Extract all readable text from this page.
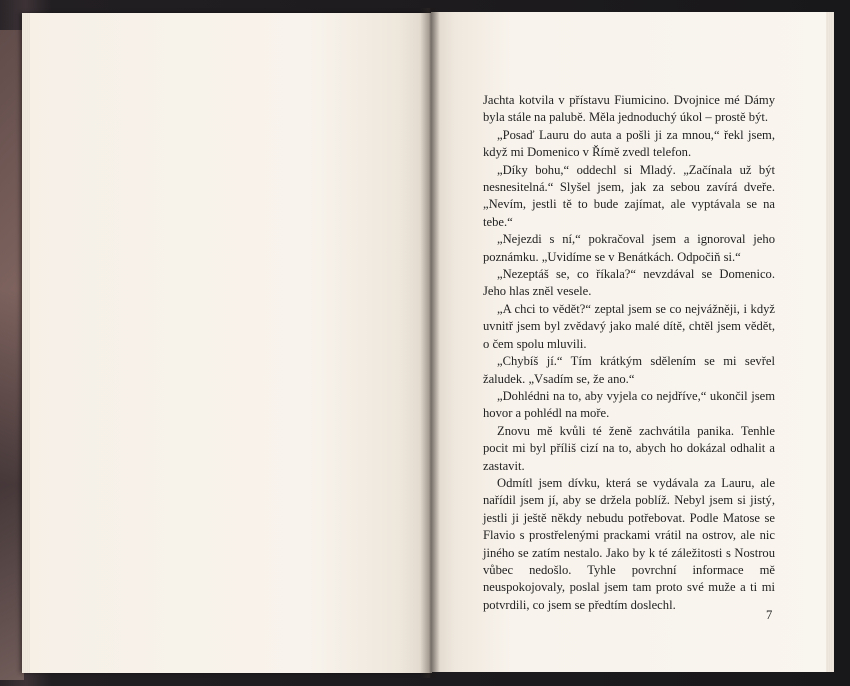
Jachta kotvila v přístavu Fiumicino. Dvojnice mé Dámy byla stále na palubě. Měla jednoduchý úkol – prostě být.

„Posaď Lauru do auta a pošli ji za mnou,“ řekl jsem, když mi Domenico v Římě zvedl telefon.

„Díky bohu,“ oddechl si Mladý. „Začínala už být nesnesitelná.“ Slyšel jsem, jak za sebou zavírá dveře. „Nevím, jestli tě to bude zajímat, ale vyptávala se na tebe.“

„Nejezdi s ní,“ pokračoval jsem a ignoroval jeho poznámku. „Uvidíme se v Benátkách. Odpočiň si.“

„Nezeptáš se, co říkala?“ nevzdával se Domenico. Jeho hlas zněl vesele.

„A chci to vědět?“ zeptal jsem se co nejvážněji, i když uvnitř jsem byl zvědavý jako malé dítě, chtěl jsem vědět, o čem spolu mluvili.

„Chybíš jí.“ Tím krátkým sdělením se mi sevřel žaludek. „Vsadím se, že ano.“

„Dohlédni na to, aby vyjela co nejdříve,“ ukončil jsem hovor a pohlédl na moře.

Znovu mě kvůli té ženě zachvátila panika. Tenhle pocit mi byl příliš cizí na to, abych ho dokázal odhalit a zastavit.

Odmítl jsem dívku, která se vydávala za Lauru, ale nařídil jsem jí, aby se držela poblíž. Nebyl jsem si jistý, jestli ji ještě někdy nebudu potřebovat. Podle Matose se Flavio s prostřelenými prackami vrátil na ostrov, ale nic jiného se zatím nestalo. Jako by k té záležitosti s Nostrou vůbec nedošlo. Tyhle povrchní informace mě neuspokojovaly, poslal jsem tam proto své muže a ti mi potvrdili, co jsem se předtím doslechl.

7
